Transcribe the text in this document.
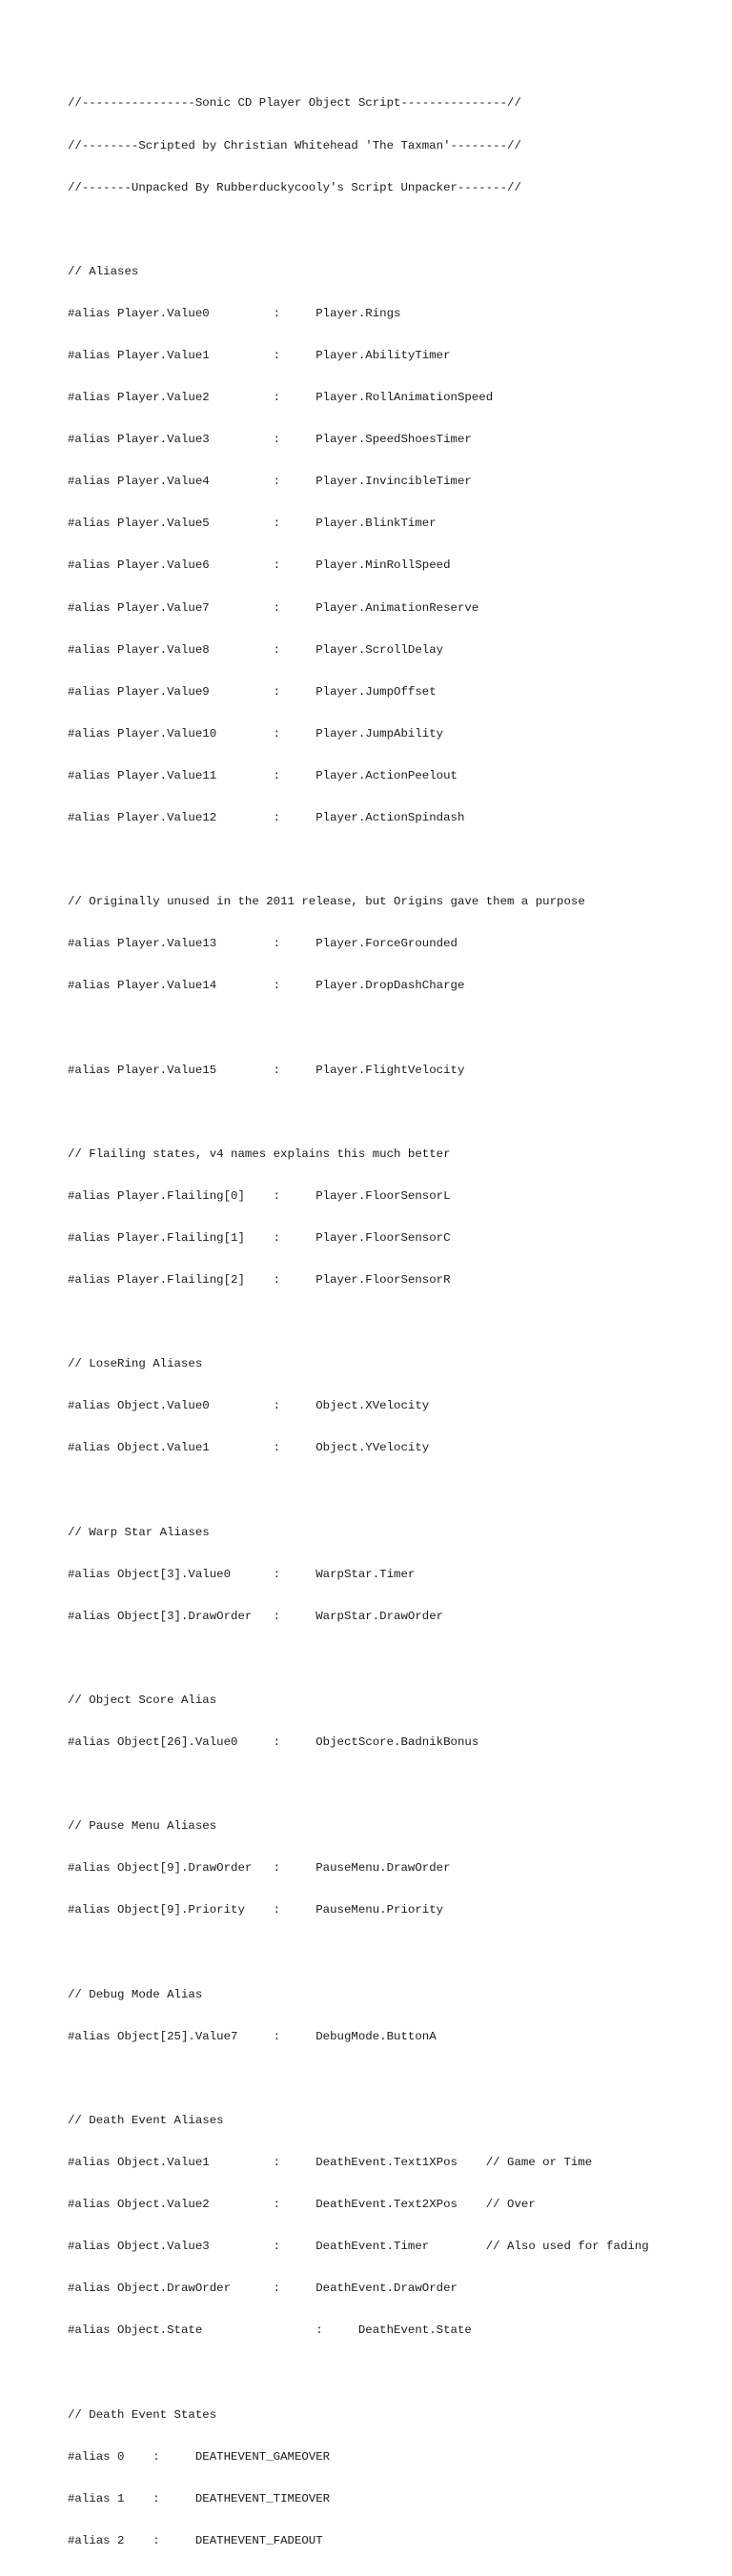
//----------------Sonic CD Player Object Script---------------//

//--------Scripted by Christian Whitehead 'The Taxman'--------//

//-------Unpacked By Rubberduckycooly's Script Unpacker-------//

// Aliases

#alias Player.Value0         :     Player.Rings

#alias Player.Value1         :     Player.AbilityTimer

#alias Player.Value2         :     Player.RollAnimationSpeed

#alias Player.Value3         :     Player.SpeedShoesTimer

#alias Player.Value4         :     Player.InvincibleTimer

#alias Player.Value5         :     Player.BlinkTimer

#alias Player.Value6         :     Player.MinRollSpeed

#alias Player.Value7         :     Player.AnimationReserve

#alias Player.Value8         :     Player.ScrollDelay

#alias Player.Value9         :     Player.JumpOffset

#alias Player.Value10        :     Player.JumpAbility

#alias Player.Value11        :     Player.ActionPeelout

#alias Player.Value12        :     Player.ActionSpindash

// Originally unused in the 2011 release, but Origins gave them a purpose

#alias Player.Value13        :     Player.ForceGrounded

#alias Player.Value14        :     Player.DropDashCharge

#alias Player.Value15        :     Player.FlightVelocity

// Flailing states, v4 names explains this much better

#alias Player.Flailing[0]    :     Player.FloorSensorL

#alias Player.Flailing[1]    :     Player.FloorSensorC

#alias Player.Flailing[2]    :     Player.FloorSensorR

// LoseRing Aliases

#alias Object.Value0         :     Object.XVelocity

#alias Object.Value1         :     Object.YVelocity

// Warp Star Aliases

#alias Object[3].Value0      :     WarpStar.Timer

#alias Object[3].DrawOrder   :     WarpStar.DrawOrder

// Object Score Alias

#alias Object[26].Value0     :     ObjectScore.BadnikBonus

// Pause Menu Aliases

#alias Object[9].DrawOrder   :     PauseMenu.DrawOrder

#alias Object[9].Priority    :     PauseMenu.Priority

// Debug Mode Alias

#alias Object[25].Value7     :     DebugMode.ButtonA

// Death Event Aliases

#alias Object.Value1         :     DeathEvent.Text1XPos    // Game or Time

#alias Object.Value2         :     DeathEvent.Text2XPos    // Over

#alias Object.Value3         :     DeathEvent.Timer        // Also used for fading

#alias Object.DrawOrder      :     DeathEvent.DrawOrder

#alias Object.State                :     DeathEvent.State

// Death Event States

#alias 0    :     DEATHEVENT_GAMEOVER

#alias 1    :     DEATHEVENT_TIMEOVER

#alias 2    :     DEATHEVENT_FADEOUT
